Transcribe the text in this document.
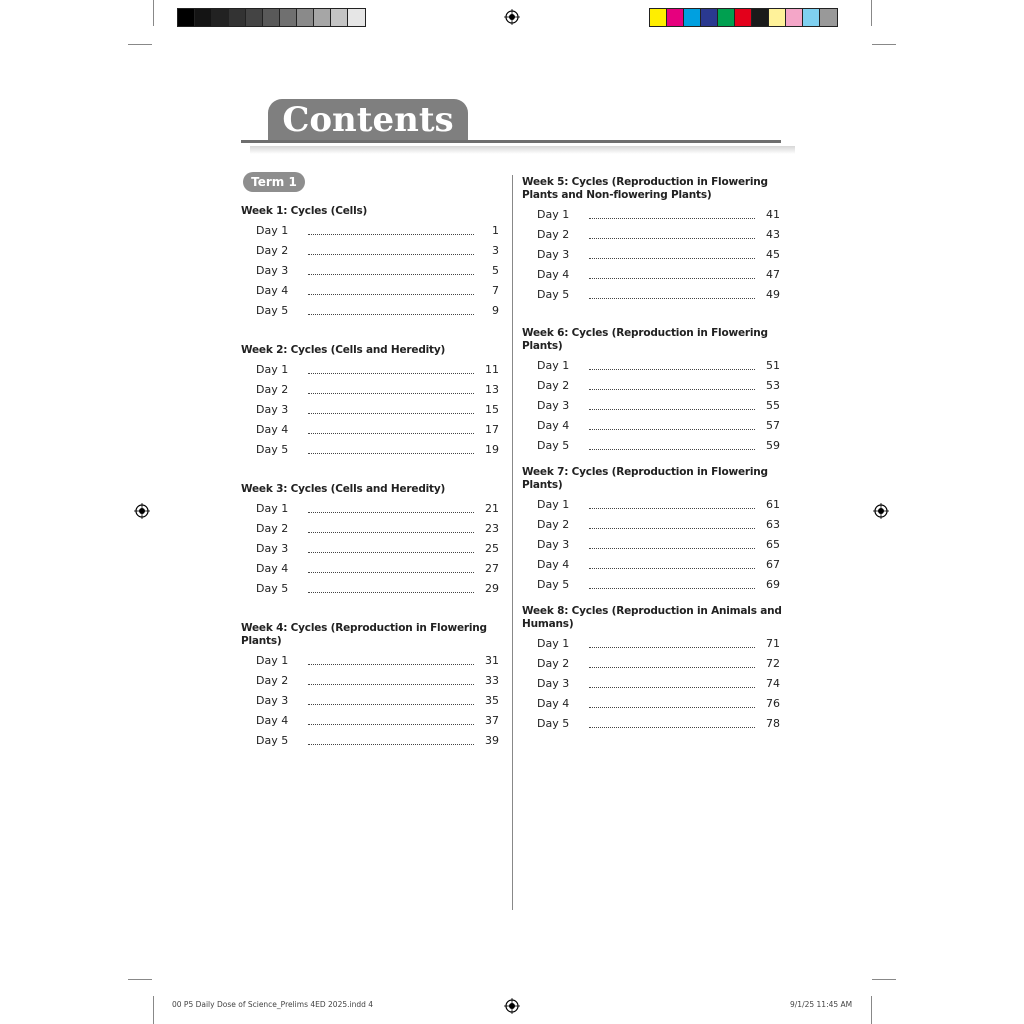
Contents
Term 1
Week 1: Cycles (Cells)
Day 1	1
Day 2	3
Day 3	5
Day 4	7
Day 5	9
Week 2: Cycles (Cells and Heredity)
Day 1	11
Day 2	13
Day 3	15
Day 4	17
Day 5	19
Week 3: Cycles (Cells and Heredity)
Day 1	21
Day 2	23
Day 3	25
Day 4	27
Day 5	29
Week 4: Cycles (Reproduction in Flowering Plants)
Day 1	31
Day 2	33
Day 3	35
Day 4	37
Day 5	39
Week 5: Cycles (Reproduction in Flowering Plants and Non-flowering Plants)
Day 1	41
Day 2	43
Day 3	45
Day 4	47
Day 5	49
Week 6: Cycles (Reproduction in Flowering Plants)
Day 1	51
Day 2	53
Day 3	55
Day 4	57
Day 5	59
Week 7: Cycles (Reproduction in Flowering Plants)
Day 1	61
Day 2	63
Day 3	65
Day 4	67
Day 5	69
Week 8: Cycles (Reproduction in Animals and Humans)
Day 1	71
Day 2	72
Day 3	74
Day 4	76
Day 5	78
00 P5 Daily Dose of Science_Prelims 4ED 2025.indd 4	9/1/25 11:45 AM
